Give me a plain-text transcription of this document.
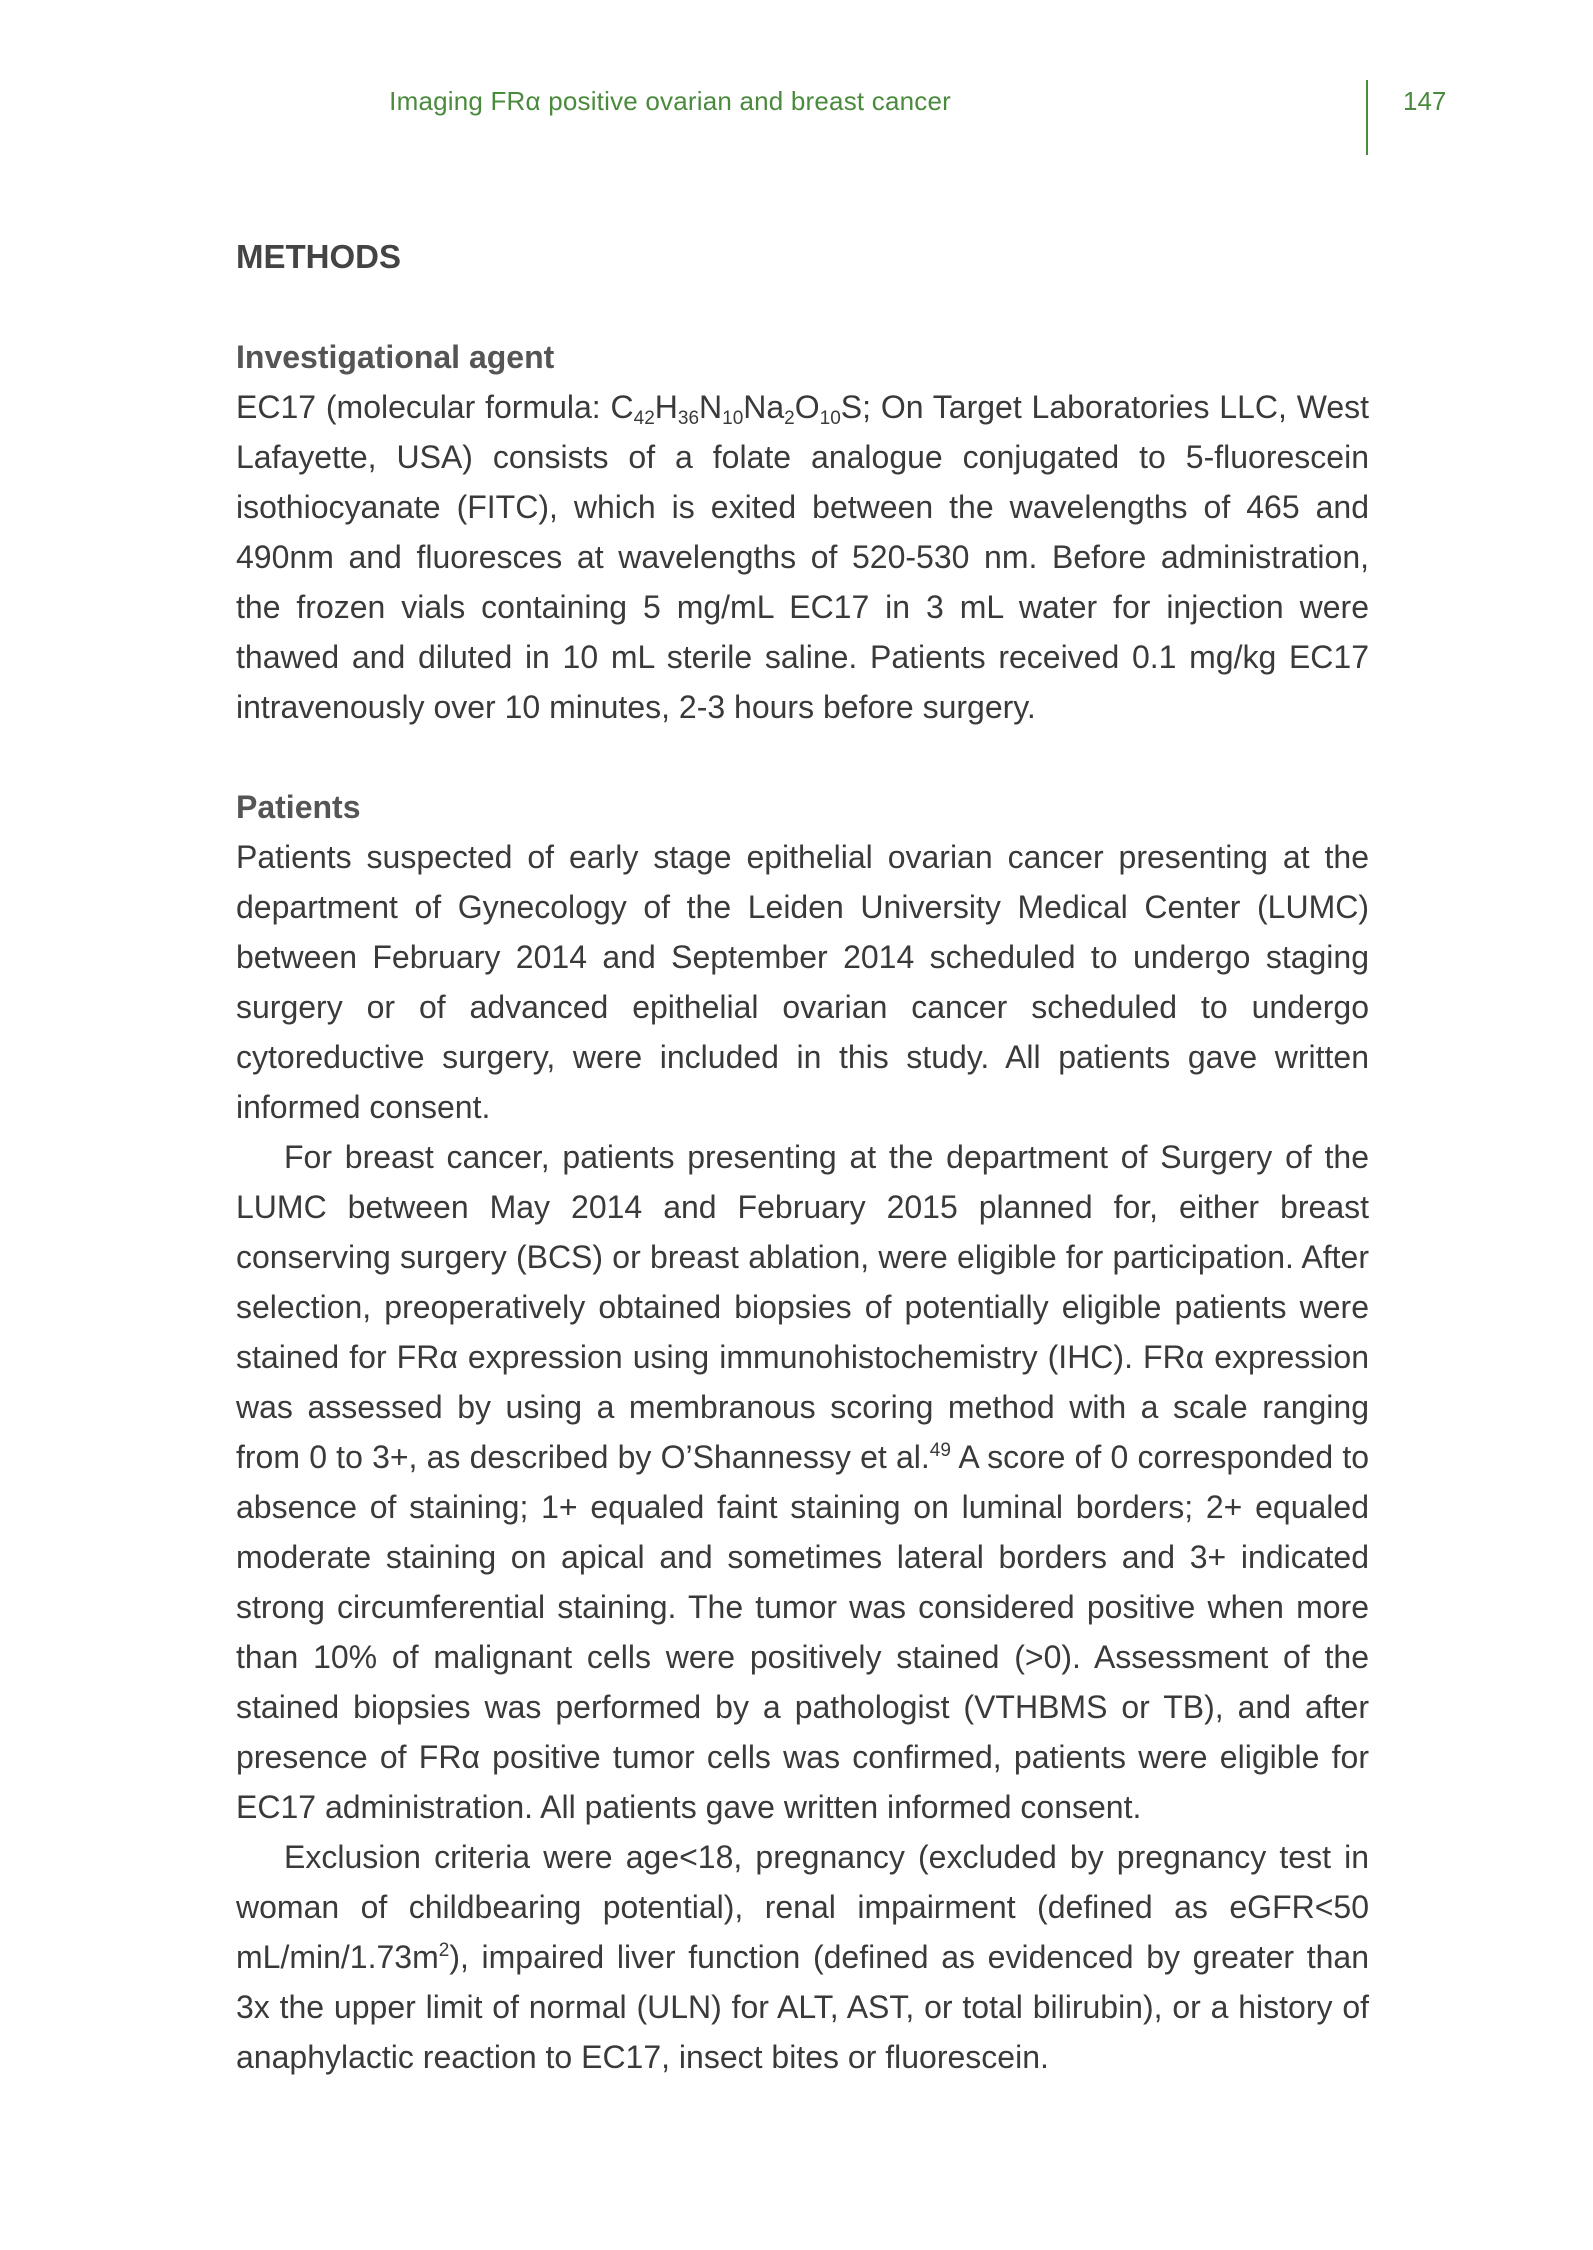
Imaging FRα positive ovarian and breast cancer	147
METHODS
Investigational agent

EC17 (molecular formula: $C_{42}H_{36}N_{10}Na_2O_{10}S$; On Target Laboratories LLC, West Lafayette, USA) consists of a folate analogue conjugated to 5-fluorescein isothiocyanate (FITC), which is exited between the wavelengths of 465 and 490nm and fluoresces at wavelengths of 520-530 nm. Before administration, the frozen vials containing 5 mg/mL EC17 in 3 mL water for injection were thawed and diluted in 10 mL sterile saline. Patients received 0.1 mg/kg EC17 intravenously over 10 minutes, 2-3 hours before surgery.

Patients

Patients suspected of early stage epithelial ovarian cancer presenting at the department of Gynecology of the Leiden University Medical Center (LUMC) between February 2014 and September 2014 scheduled to undergo staging surgery or of advanced epithelial ovarian cancer scheduled to undergo cytoreductive surgery, were included in this study. All patients gave written informed consent.

For breast cancer, patients presenting at the department of Surgery of the LUMC between May 2014 and February 2015 planned for, either breast conserving surgery (BCS) or breast ablation, were eligible for participation. After selection, preoperatively obtained biopsies of potentially eligible patients were stained for FRα expression using immunohistochemistry (IHC). FRα expression was assessed by using a membranous scoring method with a scale ranging from 0 to 3+, as described by O’Shannessy et al.$^{49}$ A score of 0 corresponded to absence of staining; 1+ equaled faint staining on luminal borders; 2+ equaled moderate staining on apical and sometimes lateral borders and 3+ indicated strong circumferential staining. The tumor was considered positive when more than 10% of malignant cells were positively stained (>0). Assessment of the stained biopsies was performed by a pathologist (VTHBMS or TB), and after presence of FRα positive tumor cells was confirmed, patients were eligible for EC17 administration. All patients gave written informed consent.

Exclusion criteria were age<18, pregnancy (excluded by pregnancy test in woman of childbearing potential), renal impairment (defined as eGFR<50 $mL/\min/1.73m^2$), impaired liver function (defined as evidenced by greater than 3x the upper limit of normal (ULN) for ALT, AST, or total bilirubin), or a history of anaphylactic reaction to EC17, insect bites or fluorescein.
